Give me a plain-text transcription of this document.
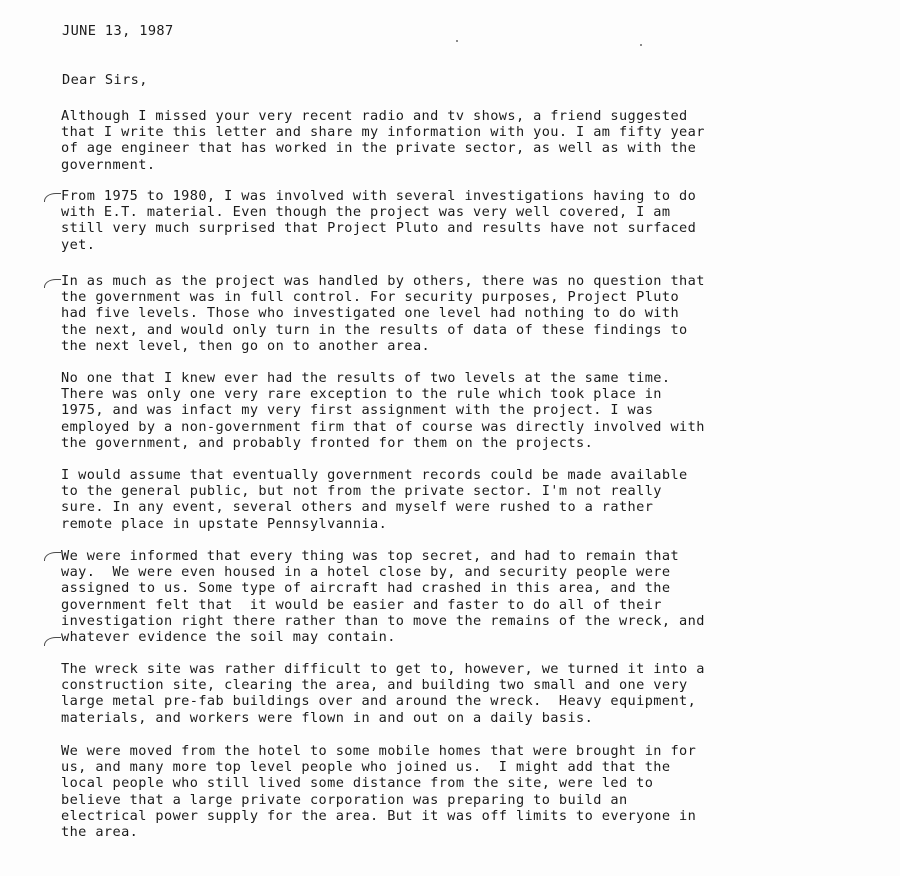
JUNE 13, 1987

Dear Sirs,

Although I missed your very recent radio and tv shows, a friend suggested
that I write this letter and share my information with you. I am fifty year
of age engineer that has worked in the private sector, as well as with the
government.
From 1975 to 1980, I was involved with several investigations having to do
with E.T. material. Even though the project was very well covered, I am
still very much surprised that Project Pluto and results have not surfaced
yet.
In as much as the project was handled by others, there was no question that
the government was in full control. For security purposes, Project Pluto
had five levels. Those who investigated one level had nothing to do with
the next, and would only turn in the results of data of these findings to
the next level, then go on to another area.
No one that I knew ever had the results of two levels at the same time.
There was only one very rare exception to the rule which took place in
1975, and was infact my very first assignment with the project. I was
employed by a non-government firm that of course was directly involved with
the government, and probably fronted for them on the projects.
I would assume that eventually government records could be made available
to the general public, but not from the private sector. I'm not really
sure. In any event, several others and myself were rushed to a rather
remote place in upstate Pennsylvannia.
We were informed that every thing was top secret, and had to remain that
way.  We were even housed in a hotel close by, and security people were
assigned to us. Some type of aircraft had crashed in this area, and the
government felt that  it would be easier and faster to do all of their
investigation right there rather than to move the remains of the wreck, and
whatever evidence the soil may contain.
The wreck site was rather difficult to get to, however, we turned it into a
construction site, clearing the area, and building two small and one very
large metal pre-fab buildings over and around the wreck.  Heavy equipment,
materials, and workers were flown in and out on a daily basis.
We were moved from the hotel to some mobile homes that were brought in for
us, and many more top level people who joined us.  I might add that the
local people who still lived some distance from the site, were led to
believe that a large private corporation was preparing to build an
electrical power supply for the area. But it was off limits to everyone in
the area.
